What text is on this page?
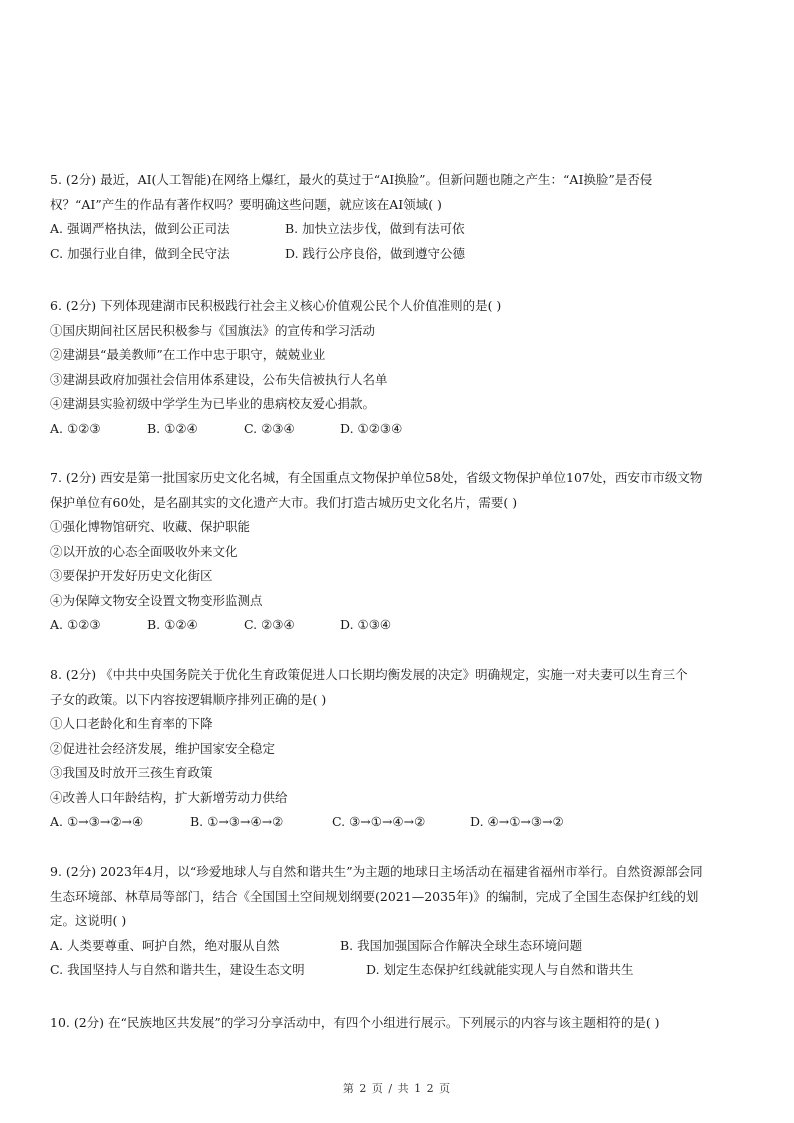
5. (2分) 最近，AI(人工智能)在网络上爆红，最火的莫过于“AI换脸”。但新问题也随之产生：“AI换脸”是否侵
权？“AI”产生的作品有著作权吗？要明确这些问题，就应该在AI领域( )
A. 强调严格执法，做到公正司法	B. 加快立法步伐，做到有法可依
C. 加强行业自律，做到全民守法	D. 践行公序良俗，做到遵守公德
6. (2分) 下列体现建湖市民积极践行社会主义核心价值观公民个人价值准则的是( )
①国庆期间社区居民积极参与《国旗法》的宣传和学习活动
②建湖县“最美教师”在工作中忠于职守，兢兢业业
③建湖县政府加强社会信用体系建设，公布失信被执行人名单
④建湖县实验初级中学学生为已毕业的患病校友爱心捐款。
A. ①②③	B. ①②④	C. ②③④	D. ①②③④
7. (2分) 西安是第一批国家历史文化名城，有全国重点文物保护单位58处，省级文物保护单位107处，西安市市级文物
保护单位有60处，是名副其实的文化遗产大市。我们打造古城历史文化名片，需要( )
①强化博物馆研究、收藏、保护职能
②以开放的心态全面吸收外来文化
③要保护开发好历史文化街区
④为保障文物安全设置文物变形监测点
A. ①②③	B. ①②④	C. ②③④	D. ①③④
8. (2分) 《中共中央国务院关于优化生育政策促进人口长期均衡发展的决定》明确规定，实施一对夫妻可以生育三个
子女的政策。以下内容按逻辑顺序排列正确的是( )
①人口老龄化和生育率的下降
②促进社会经济发展，维护国家安全稳定
③我国及时放开三孩生育政策
④改善人口年龄结构，扩大新增劳动力供给
A. ①→③→②→④	B. ①→③→④→②	C. ③→①→④→②	D. ④→①→③→②
9. (2分) 2023年4月，以“珍爱地球人与自然和谐共生”为主题的地球日主场活动在福建省福州市举行。自然资源部会同
生态环境部、林草局等部门，结合《全国国土空间规划纲要(2021—2035年)》的编制，完成了全国生态保护红线的划
定。这说明( )
A. 人类要尊重、呵护自然，绝对服从自然	B. 我国加强国际合作解决全球生态环境问题
C. 我国坚持人与自然和谐共生，建设生态文明	D. 划定生态保护红线就能实现人与自然和谐共生
10. (2分) 在“民族地区共发展”的学习分享活动中，有四个小组进行展示。下列展示的内容与该主题相符的是( )
第 2 页 / 共 1 2 页
